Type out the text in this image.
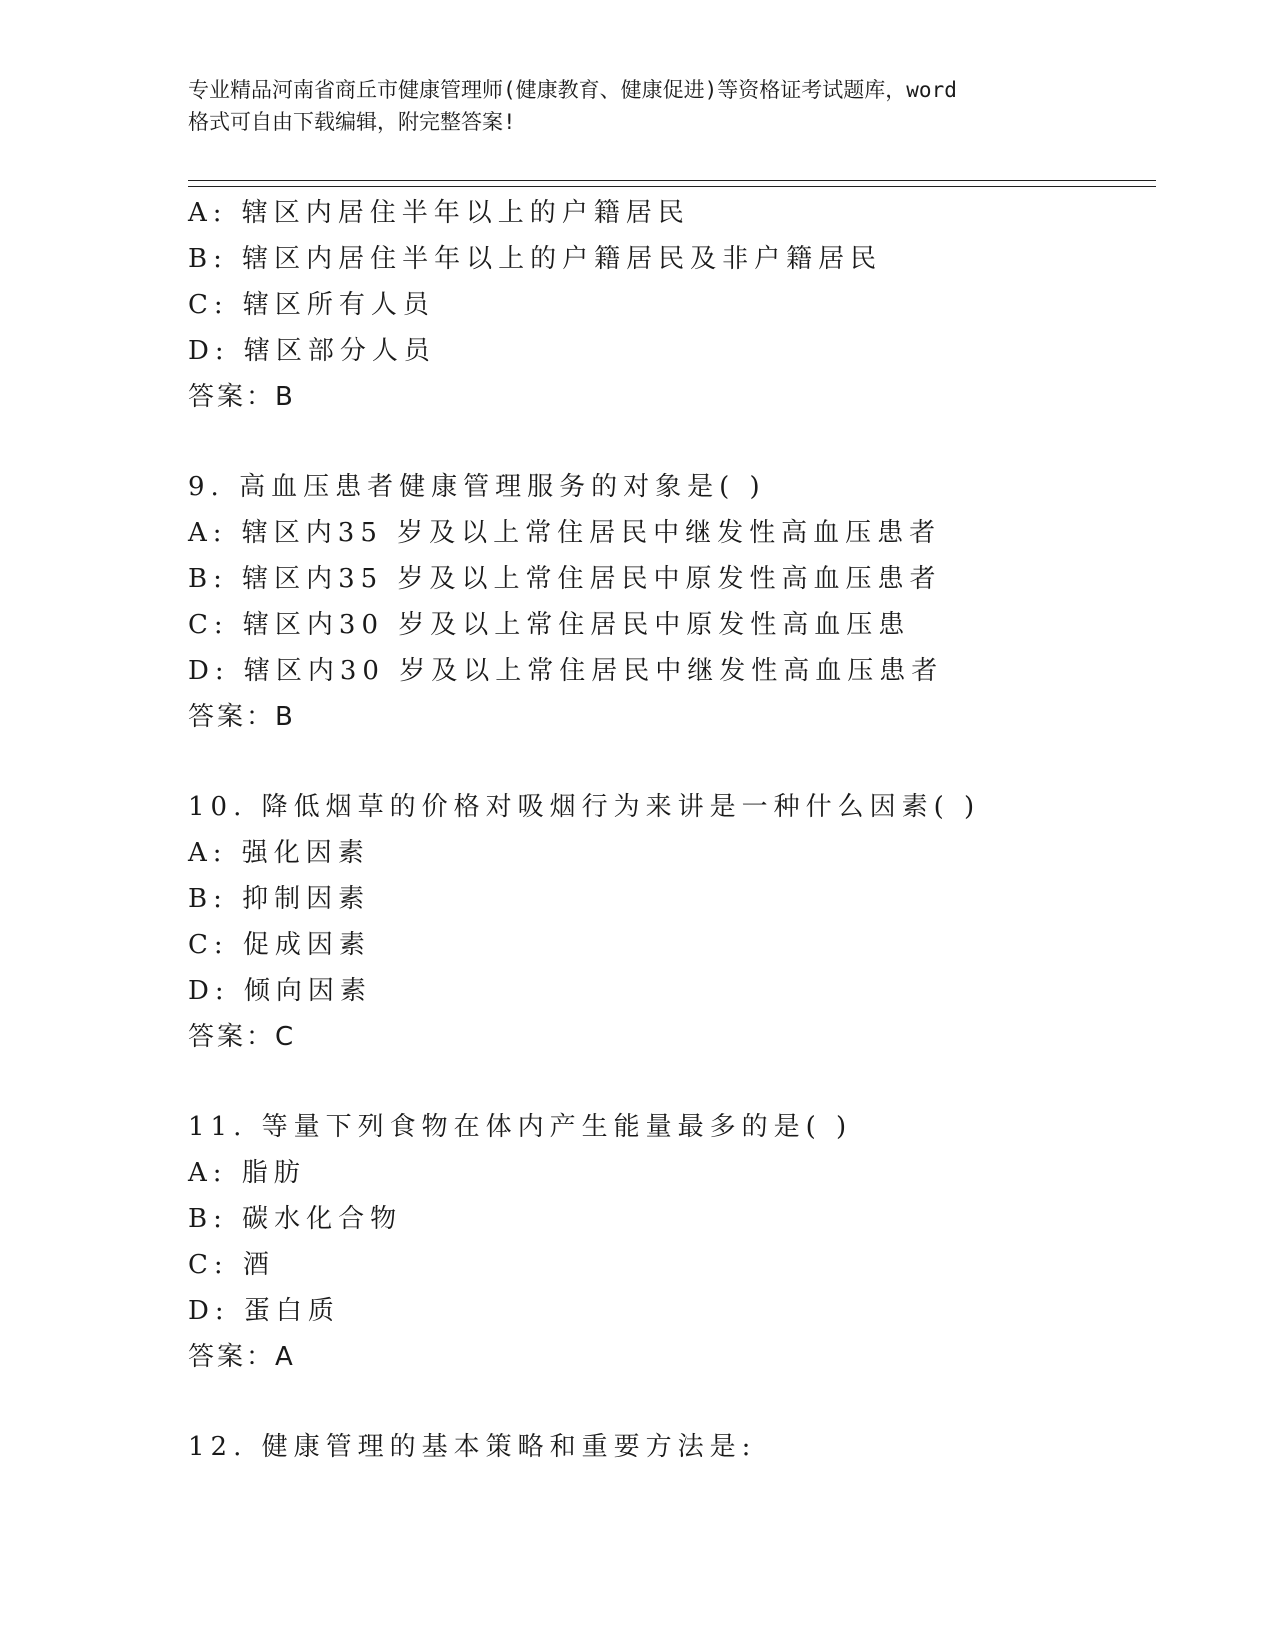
专业精品河南省商丘市健康管理师(健康教育、健康促进)等资格证考试题库，word
格式可自由下载编辑，附完整答案!
A: 辖区内居住半年以上的户籍居民
B: 辖区内居住半年以上的户籍居民及非户籍居民
C: 辖区所有人员
D: 辖区部分人员
答案：B
9. 高血压患者健康管理服务的对象是( )
A: 辖区内35 岁及以上常住居民中继发性高血压患者
B: 辖区内35 岁及以上常住居民中原发性高血压患者
C: 辖区内30 岁及以上常住居民中原发性高血压患
D: 辖区内30 岁及以上常住居民中继发性高血压患者
答案：B
10. 降低烟草的价格对吸烟行为来讲是一种什么因素( )
A: 强化因素
B: 抑制因素
C: 促成因素
D: 倾向因素
答案：C
11. 等量下列食物在体内产生能量最多的是( )
A: 脂肪
B: 碳水化合物
C: 酒
D: 蛋白质
答案：A
12. 健康管理的基本策略和重要方法是:
